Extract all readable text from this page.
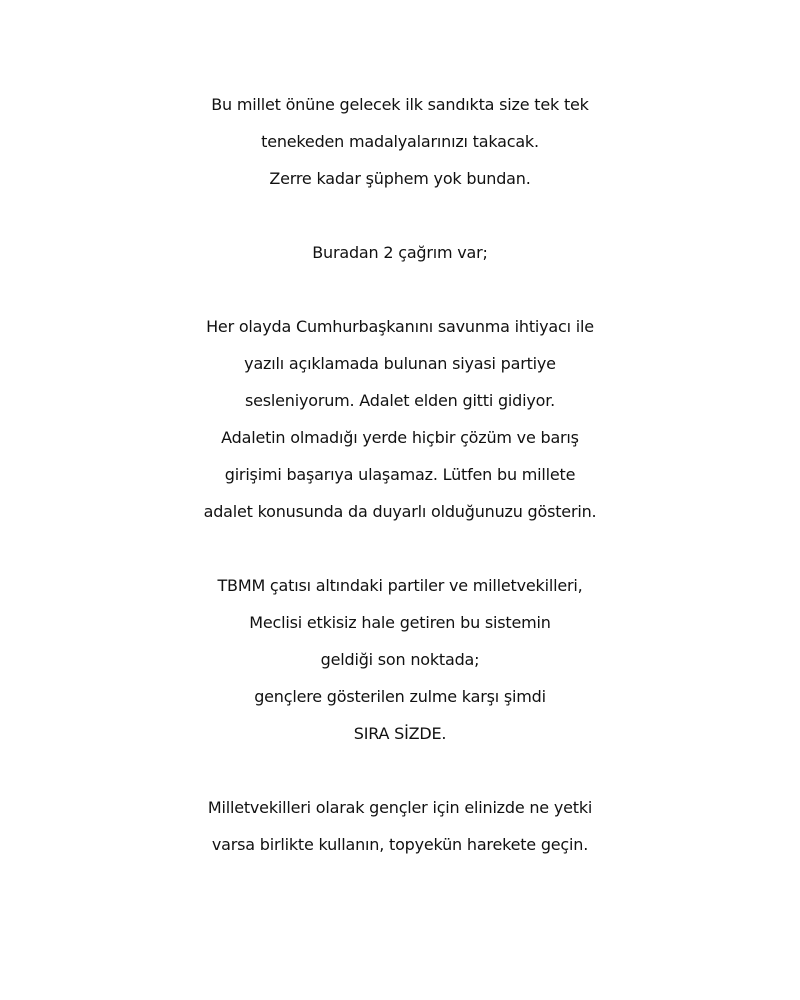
Bu millet önüne gelecek ilk sandıkta size tek tek
tenekeden madalyalarınızı takacak.
Zerre kadar şüphem yok bundan.
Buradan 2 çağrım var;
Her olayda Cumhurbaşkanını savunma ihtiyacı ile
yazılı açıklamada bulunan siyasi partiye
sesleniyorum. Adalet elden gitti gidiyor.
Adaletin olmadığı yerde hiçbir çözüm ve barış
girişimi başarıya ulaşamaz. Lütfen bu millete
adalet konusunda da duyarlı olduğunuzu gösterin.
TBMM çatısı altındaki partiler ve milletvekilleri,
Meclisi etkisiz hale getiren bu sistemin
geldiği son noktada;
gençlere gösterilen zulme karşı şimdi
SIRA SİZDE.
Milletvekilleri olarak gençler için elinizde ne yetki
varsa birlikte kullanın, topyekün harekete geçin.
